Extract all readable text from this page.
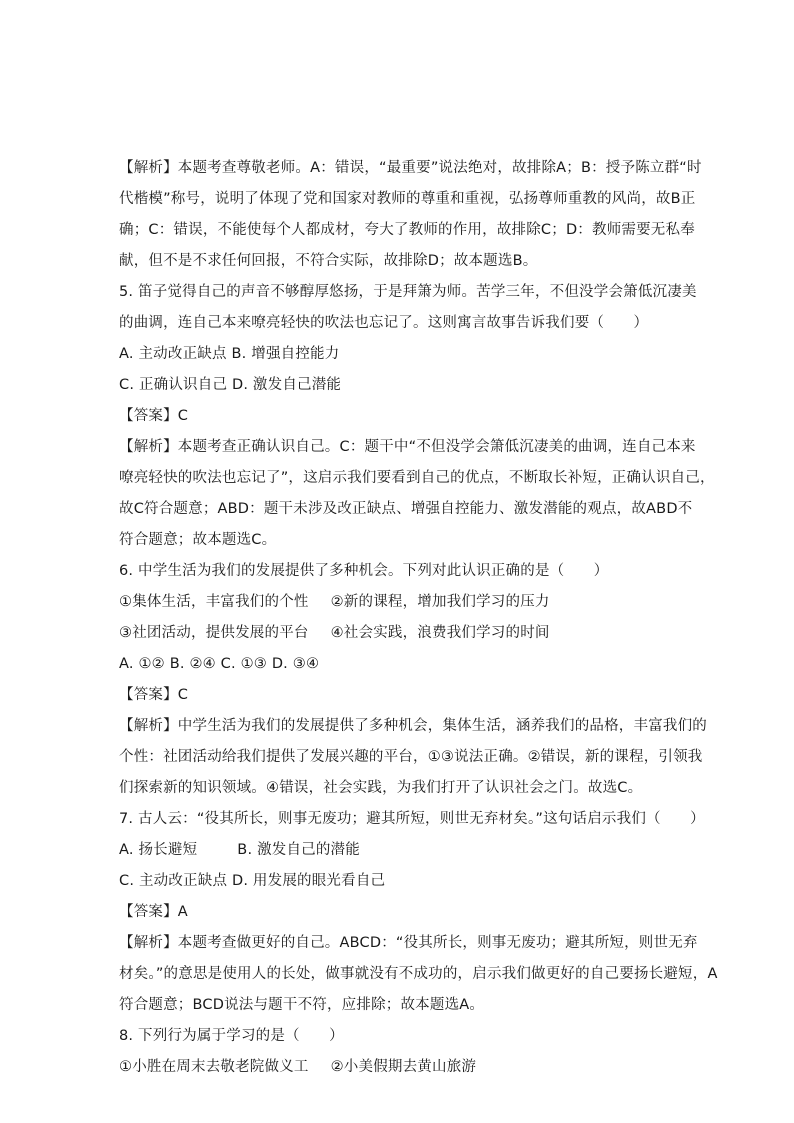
【解析】本题考查尊敬老师。A：错误，“最重要”说法绝对，故排除A；B：授予陈立群“时
代楷模”称号，说明了体现了党和国家对教师的尊重和重视，弘扬尊师重教的风尚，故B正
确；C：错误，不能使每个人都成材，夸大了教师的作用，故排除C；D：教师需要无私奉
献，但不是不求任何回报，不符合实际，故排除D；故本题选B。
5. 笛子觉得自己的声音不够醇厚悠扬，于是拜箫为师。苦学三年，不但没学会箫低沉凄美
的曲调，连自己本来嘹亮轻快的吹法也忘记了。这则寓言故事告诉我们要（　　）
A. 主动改正缺点 B. 增强自控能力
C. 正确认识自己 D. 激发自己潜能
【答案】C
【解析】本题考查正确认识自己。C：题干中“不但没学会箫低沉凄美的曲调，连自己本来
嘹亮轻快的吹法也忘记了”，这启示我们要看到自己的优点，不断取长补短，正确认识自己，
故C符合题意；ABD：题干未涉及改正缺点、增强自控能力、激发潜能的观点，故ABD不
符合题意；故本题选C。
6. 中学生活为我们的发展提供了多种机会。下列对此认识正确的是（　　）
①集体生活，丰富我们的个性 ②新的课程，增加我们学习的压力
③社团活动，提供发展的平台 ④社会实践，浪费我们学习的时间
A. ①② B. ②④ C. ①③ D. ③④
【答案】C
【解析】中学生活为我们的发展提供了多种机会，集体生活，涵养我们的品格，丰富我们的
个性：社团活动给我们提供了发展兴趣的平台，①③说法正确。②错误，新的课程，引领我
们探索新的知识领域。④错误，社会实践，为我们打开了认识社会之门。故选C。
7. 古人云：“役其所长，则事无废功；避其所短，则世无弃材矣。”这句话启示我们（　　）
A. 扬长避短	B. 激发自己的潜能
C. 主动改正缺点 D. 用发展的眼光看自己
【答案】A
【解析】本题考查做更好的自己。ABCD：“役其所长，则事无废功；避其所短，则世无弃
材矣。”的意思是使用人的长处，做事就没有不成功的，启示我们做更好的自己要扬长避短，A
符合题意；BCD说法与题干不符，应排除；故本题选A。
8. 下列行为属于学习的是（　　）
①小胜在周末去敬老院做义工 ②小美假期去黄山旅游
